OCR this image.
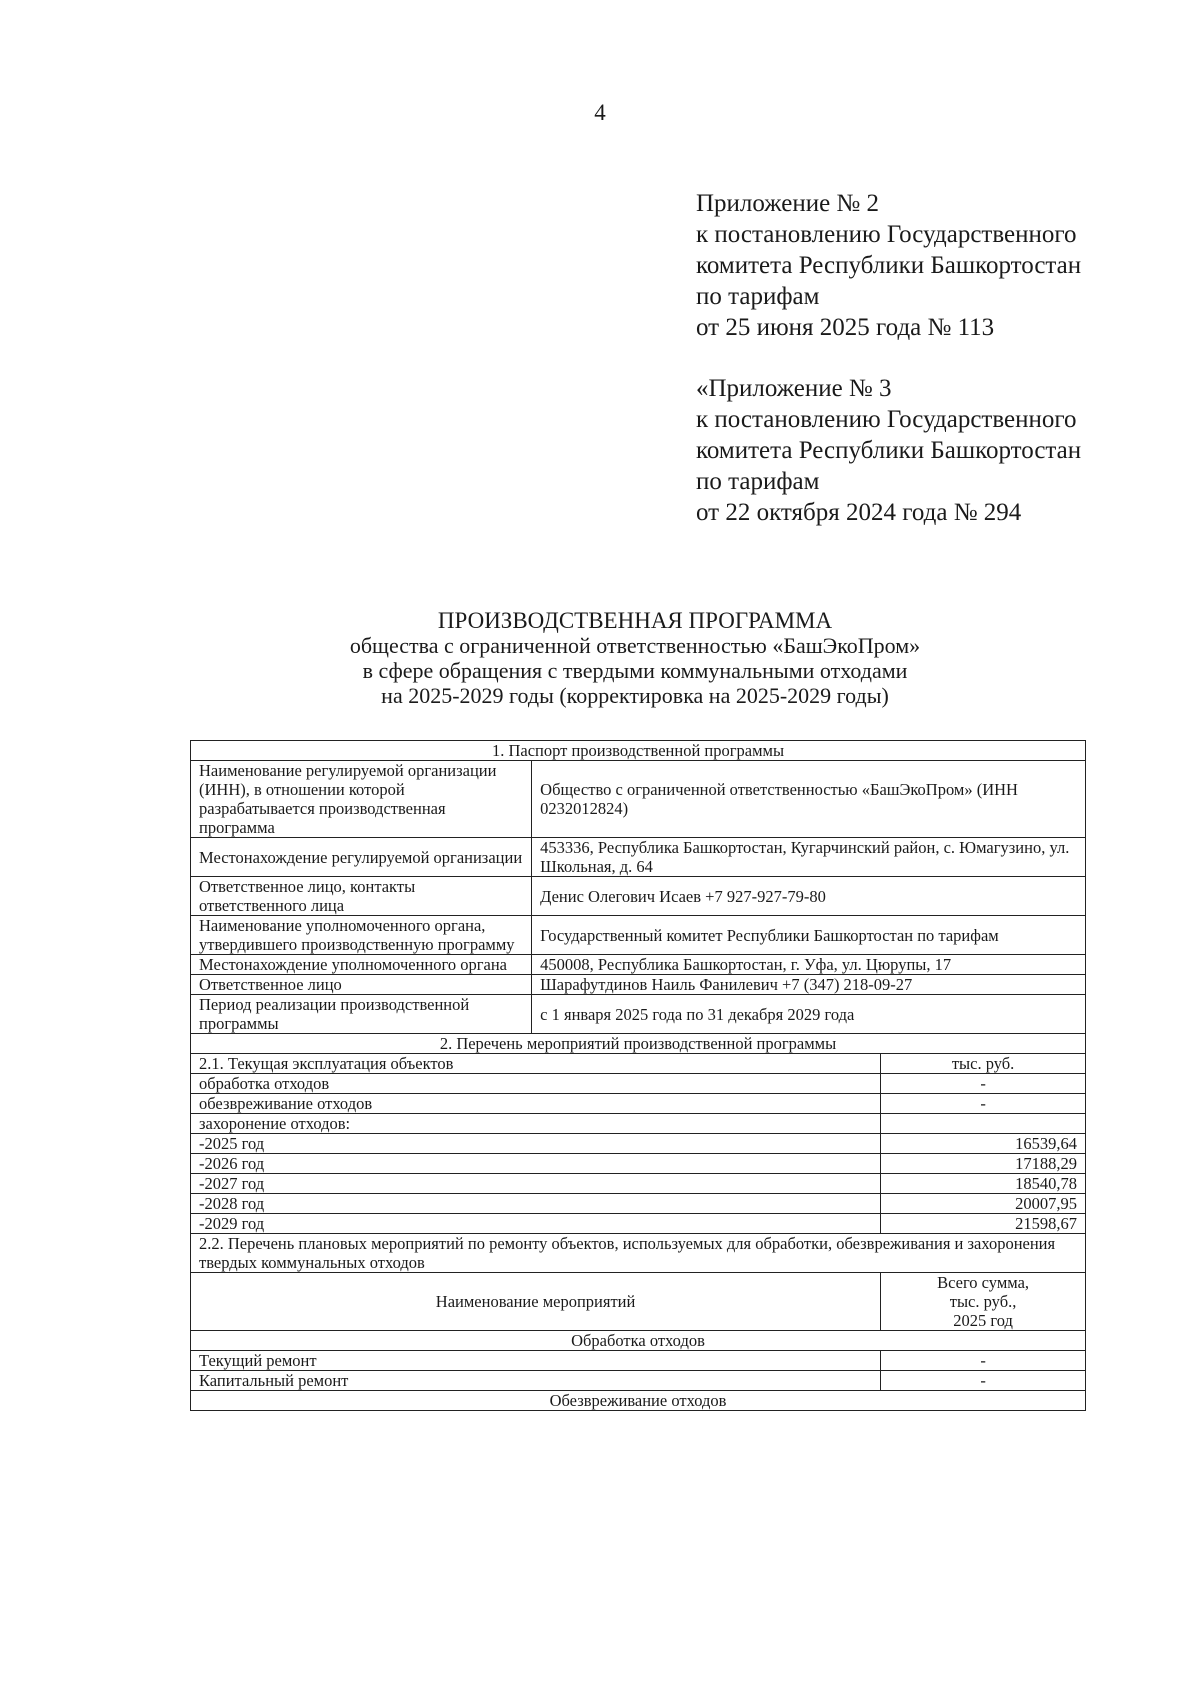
4
Приложение № 2
к постановлению Государственного
комитета Республики Башкортостан
по тарифам
от 25 июня 2025 года № 113
«Приложение № 3
к постановлению Государственного
комитета Республики Башкортостан
по тарифам
от 22 октября 2024 года № 294
ПРОИЗВОДСТВЕННАЯ ПРОГРАММА
общества с ограниченной ответственностью «БашЭкоПром»
в сфере обращения с твердыми коммунальными отходами
на 2025-2029 годы (корректировка на 2025-2029 годы)
1. Паспорт производственной программы		
Наименование регулируемой организации (ИНН), в отношении которой разрабатывается производственная программа	Общество с ограниченной ответственностью «БашЭкоПром» (ИНН 0232012824)	
Местонахождение регулируемой организации	453336, Республика Башкортостан, Кугарчинский район, с. Юмагузино, ул. Школьная, д. 64	
Ответственное лицо, контакты ответственного лица	Денис Олегович Исаев +7 927-927-79-80	
Наименование уполномоченного органа, утвердившего производственную программу	Государственный комитет Республики Башкортостан по тарифам	
Местонахождение уполномоченного органа	450008, Республика Башкортостан, г. Уфа, ул. Цюрупы, 17	
Ответственное лицо	Шарафутдинов Наиль Фанилевич +7 (347) 218-09-27	
Период реализации производственной программы	с 1 января 2025 года по 31 декабря 2029 года	
2. Перечень мероприятий производственной программы		
2.1. Текущая эксплуатация объектов		тыс. руб.
обработка отходов		-
обезвреживание отходов		-
захоронение отходов:		
-2025 год		16539,64
-2026 год		17188,29
-2027 год		18540,78
-2028 год		20007,95
-2029 год		21598,67
2.2. Перечень плановых мероприятий по ремонту объектов, используемых для обработки, обезвреживания и захоронения твердых коммунальных отходов		
Наименование мероприятий		Всего сумма,
тыс. руб.,
2025 год

Обработка отходов		
Текущий ремонт		-
Капитальный ремонт		-
Обезвреживание отходов		
